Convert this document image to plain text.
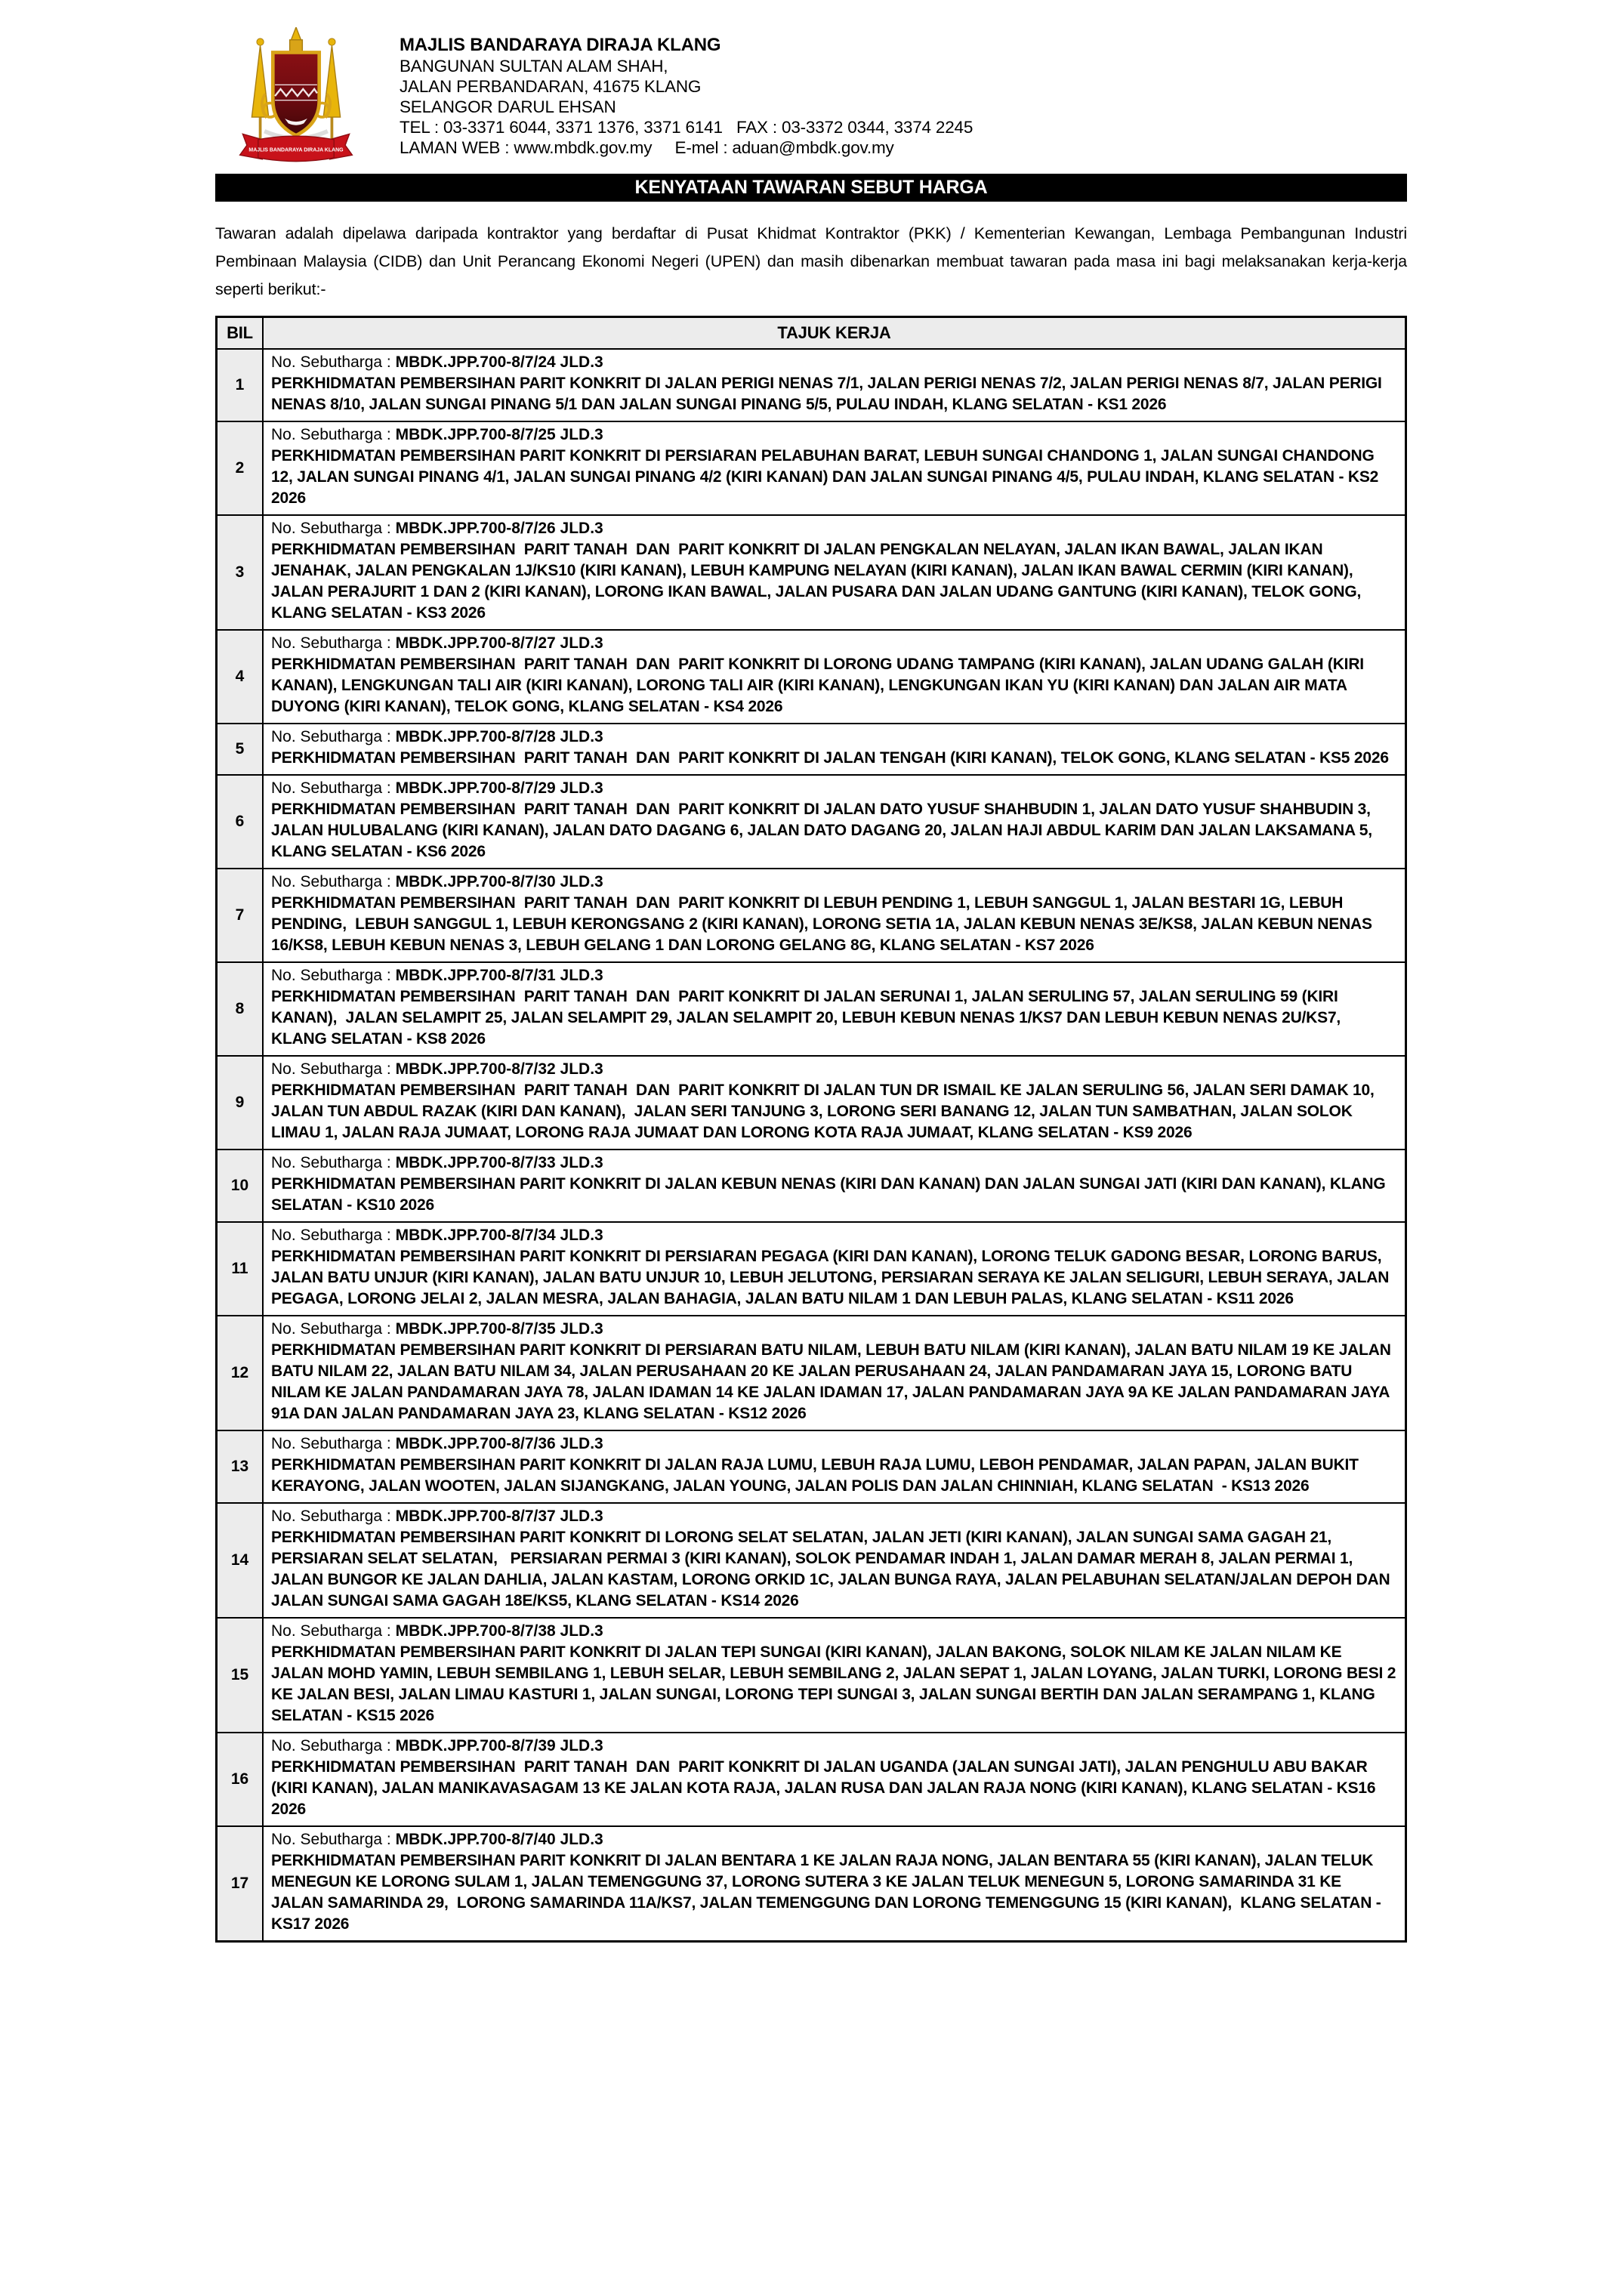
MAJLIS BANDARAYA DIRAJA KLANG
MAJLIS BANDARAYA DIRAJA KLANG
BANGUNAN SULTAN ALAM SHAH,
JALAN PERBANDARAN, 41675 KLANG
SELANGOR DARUL EHSAN
TEL : 03-3371 6044, 3371 1376, 3371 6141   FAX : 03-3372 0344, 3374 2245
LAMAN WEB : www.mbdk.gov.my     E-mel : aduan@mbdk.gov.my
KENYATAAN TAWARAN SEBUT HARGA

Tawaran adalah dipelawa daripada kontraktor yang berdaftar di Pusat Khidmat Kontraktor (PKK) / Kementerian Kewangan, Lembaga Pembangunan Industri Pembinaan Malaysia (CIDB) dan Unit Perancang Ekonomi Negeri (UPEN) dan masih dibenarkan membuat tawaran pada masa ini bagi melaksanakan kerja-kerja seperti berikut:-

BIL	TAJUK KERJA
1	No. Sebutharga : MBDK.JPP.700-8/7/24 JLD.3
PERKHIDMATAN PEMBERSIHAN PARIT KONKRIT DI JALAN PERIGI NENAS 7/1, JALAN PERIGI NENAS 7/2, JALAN PERIGI NENAS 8/7, JALAN PERIGI NENAS 8/10, JALAN SUNGAI PINANG 5/1 DAN JALAN SUNGAI PINANG 5/5, PULAU INDAH, KLANG SELATAN - KS1 2026

2	No. Sebutharga : MBDK.JPP.700-8/7/25 JLD.3
PERKHIDMATAN PEMBERSIHAN PARIT KONKRIT DI PERSIARAN PELABUHAN BARAT, LEBUH SUNGAI CHANDONG 1, JALAN SUNGAI CHANDONG 12, JALAN SUNGAI PINANG 4/1, JALAN SUNGAI PINANG 4/2 (KIRI KANAN) DAN JALAN SUNGAI PINANG 4/5, PULAU INDAH, KLANG SELATAN - KS2 2026

3	No. Sebutharga : MBDK.JPP.700-8/7/26 JLD.3
PERKHIDMATAN PEMBERSIHAN  PARIT TANAH  DAN  PARIT KONKRIT DI JALAN PENGKALAN NELAYAN, JALAN IKAN BAWAL, JALAN IKAN JENAHAK, JALAN PENGKALAN 1J/KS10 (KIRI KANAN), LEBUH KAMPUNG NELAYAN (KIRI KANAN), JALAN IKAN BAWAL CERMIN (KIRI KANAN), JALAN PERAJURIT 1 DAN 2 (KIRI KANAN), LORONG IKAN BAWAL, JALAN PUSARA DAN JALAN UDANG GANTUNG (KIRI KANAN), TELOK GONG, KLANG SELATAN - KS3 2026

4	No. Sebutharga : MBDK.JPP.700-8/7/27 JLD.3
PERKHIDMATAN PEMBERSIHAN  PARIT TANAH  DAN  PARIT KONKRIT DI LORONG UDANG TAMPANG (KIRI KANAN), JALAN UDANG GALAH (KIRI KANAN), LENGKUNGAN TALI AIR (KIRI KANAN), LORONG TALI AIR (KIRI KANAN), LENGKUNGAN IKAN YU (KIRI KANAN) DAN JALAN AIR MATA DUYONG (KIRI KANAN), TELOK GONG, KLANG SELATAN - KS4 2026

5	No. Sebutharga : MBDK.JPP.700-8/7/28 JLD.3
PERKHIDMATAN PEMBERSIHAN  PARIT TANAH  DAN  PARIT KONKRIT DI JALAN TENGAH (KIRI KANAN), TELOK GONG, KLANG SELATAN - KS5 2026

6	No. Sebutharga : MBDK.JPP.700-8/7/29 JLD.3
PERKHIDMATAN PEMBERSIHAN  PARIT TANAH  DAN  PARIT KONKRIT DI JALAN DATO YUSUF SHAHBUDIN 1, JALAN DATO YUSUF SHAHBUDIN 3, JALAN HULUBALANG (KIRI KANAN), JALAN DATO DAGANG 6, JALAN DATO DAGANG 20, JALAN HAJI ABDUL KARIM DAN JALAN LAKSAMANA 5, KLANG SELATAN - KS6 2026

7	No. Sebutharga : MBDK.JPP.700-8/7/30 JLD.3
PERKHIDMATAN PEMBERSIHAN  PARIT TANAH  DAN  PARIT KONKRIT DI LEBUH PENDING 1, LEBUH SANGGUL 1, JALAN BESTARI 1G, LEBUH PENDING,  LEBUH SANGGUL 1, LEBUH KERONGSANG 2 (KIRI KANAN), LORONG SETIA 1A, JALAN KEBUN NENAS 3E/KS8, JALAN KEBUN NENAS 16/KS8, LEBUH KEBUN NENAS 3, LEBUH GELANG 1 DAN LORONG GELANG 8G, KLANG SELATAN - KS7 2026

8	No. Sebutharga : MBDK.JPP.700-8/7/31 JLD.3
PERKHIDMATAN PEMBERSIHAN  PARIT TANAH  DAN  PARIT KONKRIT DI JALAN SERUNAI 1, JALAN SERULING 57, JALAN SERULING 59 (KIRI KANAN),  JALAN SELAMPIT 25, JALAN SELAMPIT 29, JALAN SELAMPIT 20, LEBUH KEBUN NENAS 1/KS7 DAN LEBUH KEBUN NENAS 2U/KS7, KLANG SELATAN - KS8 2026

9	No. Sebutharga : MBDK.JPP.700-8/7/32 JLD.3
PERKHIDMATAN PEMBERSIHAN  PARIT TANAH  DAN  PARIT KONKRIT DI JALAN TUN DR ISMAIL KE JALAN SERULING 56, JALAN SERI DAMAK 10, JALAN TUN ABDUL RAZAK (KIRI DAN KANAN),  JALAN SERI TANJUNG 3, LORONG SERI BANANG 12, JALAN TUN SAMBATHAN, JALAN SOLOK LIMAU 1, JALAN RAJA JUMAAT, LORONG RAJA JUMAAT DAN LORONG KOTA RAJA JUMAAT, KLANG SELATAN - KS9 2026

10	No. Sebutharga : MBDK.JPP.700-8/7/33 JLD.3
PERKHIDMATAN PEMBERSIHAN PARIT KONKRIT DI JALAN KEBUN NENAS (KIRI DAN KANAN) DAN JALAN SUNGAI JATI (KIRI DAN KANAN), KLANG SELATAN - KS10 2026

11	No. Sebutharga : MBDK.JPP.700-8/7/34 JLD.3
PERKHIDMATAN PEMBERSIHAN PARIT KONKRIT DI PERSIARAN PEGAGA (KIRI DAN KANAN), LORONG TELUK GADONG BESAR, LORONG BARUS,  JALAN BATU UNJUR (KIRI KANAN), JALAN BATU UNJUR 10, LEBUH JELUTONG, PERSIARAN SERAYA KE JALAN SELIGURI, LEBUH SERAYA, JALAN PEGAGA, LORONG JELAI 2, JALAN MESRA, JALAN BAHAGIA, JALAN BATU NILAM 1 DAN LEBUH PALAS, KLANG SELATAN - KS11 2026

12	No. Sebutharga : MBDK.JPP.700-8/7/35 JLD.3
PERKHIDMATAN PEMBERSIHAN PARIT KONKRIT DI PERSIARAN BATU NILAM, LEBUH BATU NILAM (KIRI KANAN), JALAN BATU NILAM 19 KE JALAN BATU NILAM 22, JALAN BATU NILAM 34, JALAN PERUSAHAAN 20 KE JALAN PERUSAHAAN 24, JALAN PANDAMARAN JAYA 15, LORONG BATU NILAM KE JALAN PANDAMARAN JAYA 78, JALAN IDAMAN 14 KE JALAN IDAMAN 17, JALAN PANDAMARAN JAYA 9A KE JALAN PANDAMARAN JAYA 91A DAN JALAN PANDAMARAN JAYA 23, KLANG SELATAN - KS12 2026

13	No. Sebutharga : MBDK.JPP.700-8/7/36 JLD.3
PERKHIDMATAN PEMBERSIHAN PARIT KONKRIT DI JALAN RAJA LUMU, LEBUH RAJA LUMU, LEBOH PENDAMAR, JALAN PAPAN, JALAN BUKIT KERAYONG, JALAN WOOTEN, JALAN SIJANGKANG, JALAN YOUNG, JALAN POLIS DAN JALAN CHINNIAH, KLANG SELATAN  - KS13 2026

14	No. Sebutharga : MBDK.JPP.700-8/7/37 JLD.3
PERKHIDMATAN PEMBERSIHAN PARIT KONKRIT DI LORONG SELAT SELATAN, JALAN JETI (KIRI KANAN), JALAN SUNGAI SAMA GAGAH 21, PERSIARAN SELAT SELATAN,   PERSIARAN PERMAI 3 (KIRI KANAN), SOLOK PENDAMAR INDAH 1, JALAN DAMAR MERAH 8, JALAN PERMAI 1, JALAN BUNGOR KE JALAN DAHLIA, JALAN KASTAM, LORONG ORKID 1C, JALAN BUNGA RAYA, JALAN PELABUHAN SELATAN/JALAN DEPOH DAN JALAN SUNGAI SAMA GAGAH 18E/KS5, KLANG SELATAN - KS14 2026

15	No. Sebutharga : MBDK.JPP.700-8/7/38 JLD.3
PERKHIDMATAN PEMBERSIHAN PARIT KONKRIT DI JALAN TEPI SUNGAI (KIRI KANAN), JALAN BAKONG, SOLOK NILAM KE JALAN NILAM KE JALAN MOHD YAMIN, LEBUH SEMBILANG 1, LEBUH SELAR, LEBUH SEMBILANG 2, JALAN SEPAT 1, JALAN LOYANG, JALAN TURKI, LORONG BESI 2 KE JALAN BESI, JALAN LIMAU KASTURI 1, JALAN SUNGAI, LORONG TEPI SUNGAI 3, JALAN SUNGAI BERTIH DAN JALAN SERAMPANG 1, KLANG SELATAN - KS15 2026

16	No. Sebutharga : MBDK.JPP.700-8/7/39 JLD.3
PERKHIDMATAN PEMBERSIHAN  PARIT TANAH  DAN  PARIT KONKRIT DI JALAN UGANDA (JALAN SUNGAI JATI), JALAN PENGHULU ABU BAKAR (KIRI KANAN), JALAN MANIKAVASAGAM 13 KE JALAN KOTA RAJA, JALAN RUSA DAN JALAN RAJA NONG (KIRI KANAN), KLANG SELATAN - KS16 2026

17	No. Sebutharga : MBDK.JPP.700-8/7/40 JLD.3
PERKHIDMATAN PEMBERSIHAN PARIT KONKRIT DI JALAN BENTARA 1 KE JALAN RAJA NONG, JALAN BENTARA 55 (KIRI KANAN), JALAN TELUK MENEGUN KE LORONG SULAM 1, JALAN TEMENGGUNG 37, LORONG SUTERA 3 KE JALAN TELUK MENEGUN 5, LORONG SAMARINDA 31 KE JALAN SAMARINDA 29,  LORONG SAMARINDA 11A/KS7, JALAN TEMENGGUNG DAN LORONG TEMENGGUNG 15 (KIRI KANAN),  KLANG SELATAN - KS17 2026
